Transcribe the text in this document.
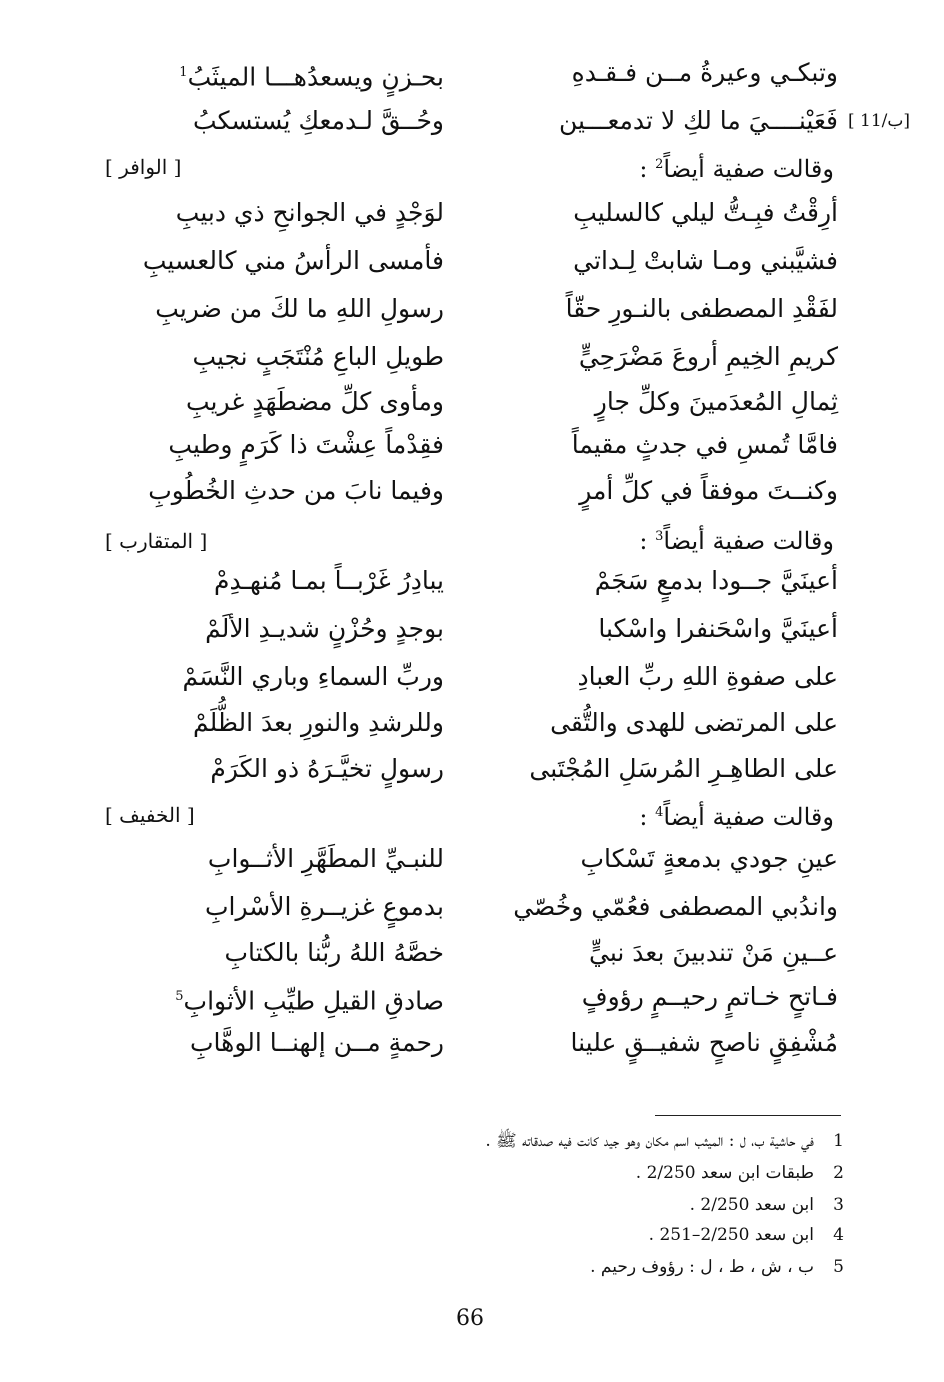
[ 11/ب]
وتبكـي وعيرةُ مــن فـقـدهِ
بحـزنٍ ويسعدُهـــا الميثَبُ$^1$
فَعَيْنــــيَ ما لكِ لا تدمعـــين
وحُــقَّ لـدمعكِ يُستسكبُ
وقالت صفية أيضاً$^2$ :
[ الوافر ]
أرِقْتُ فبِـتُّ ليلي كالسليبِ
لوَجْدٍ في الجوانحِ ذي دبيبِ
فشيَّبني ومـا شابتْ لِـداتي
فأمسى الرأسُ مني كالعسيبِ
لفَقْدِ المصطفى بالنـورِ حقّاً
رسولِ اللهِ ما لكَ من ضريبِ
كريمِ الخِيمِ أروعَ مَضْرَحِيٍّ
طويلِ الباعِ مُنْتَجَبٍ نجيبِ
ثِمالِ المُعدَمينَ وكلِّ جارٍ
ومأوى كلِّ مضطَهَدٍ غريبِ
فامَّا تُمسِ في جدثٍ مقيماً
فقِدْماً عِشْتَ ذا كَرَمٍ وطيبِ
وكنــتَ موفقاً في كلِّ أمرٍ
وفيما نابَ من حدثِ الخُطُوبِ
وقالت صفية أيضاً$^3$ :
[ المتقارب ]
أعينَيَّ جــودا بدمعٍ سَجَمْ
يبادِرُ غَرْبــاً بمـا مُنهـدِمْ
أعينَيَّ واسْحَنفرا واسْكبا
بوجدٍ وحُزْنٍ شديـدِ الألَمْ
على صفوةِ اللهِ ربِّ العبادِ
وربِّ السماءِ وباري النَّسَمْ
على المرتضى للهدى والتُّقى
وللرشدِ والنورِ بعدَ الظُّلَمْ
على الطاهِـرِ المُرسَلِ المُجْتَبى
رسولٍ تخيَّـرَهُ ذو الكَرَمْ
وقالت صفية أيضاً$^4$ :
[ الخفيف ]
عينِ جودي بدمعةٍ تَسْكابِ
للنبـيِّ المطَهَّرِ الأثــوابِ
واندُبي المصطفى فعُمّي وخُصّي
بدموعٍ غزيــرةِ الأسْرابِ
عــينِ مَنْ تندبينَ بعدَ نبيٍّ
خصَّهُ اللهُ ربُّنا بالكتابِ
فـاتحٍ خـاتمٍ رحيــمٍ رؤوفٍ
صادقِ القيلِ طيِّبِ الأثوابِ$^5$
مُشْفِقٍ ناصحٍ شفيــقٍ علينا
رحمةٍ مــن إلهنــا الوهَّابِ
1في حاشية ب، ل : الميثب اسم مكان وهو جيد كانت فيه صدقاته ﷺ .
2طبقات ابن سعد 2/250 .
3ابن سعد 2/250 .
4ابن سعد 2/250–251 .
5ب ، ش ، ط ، ل : رؤوف رحيم .
66
